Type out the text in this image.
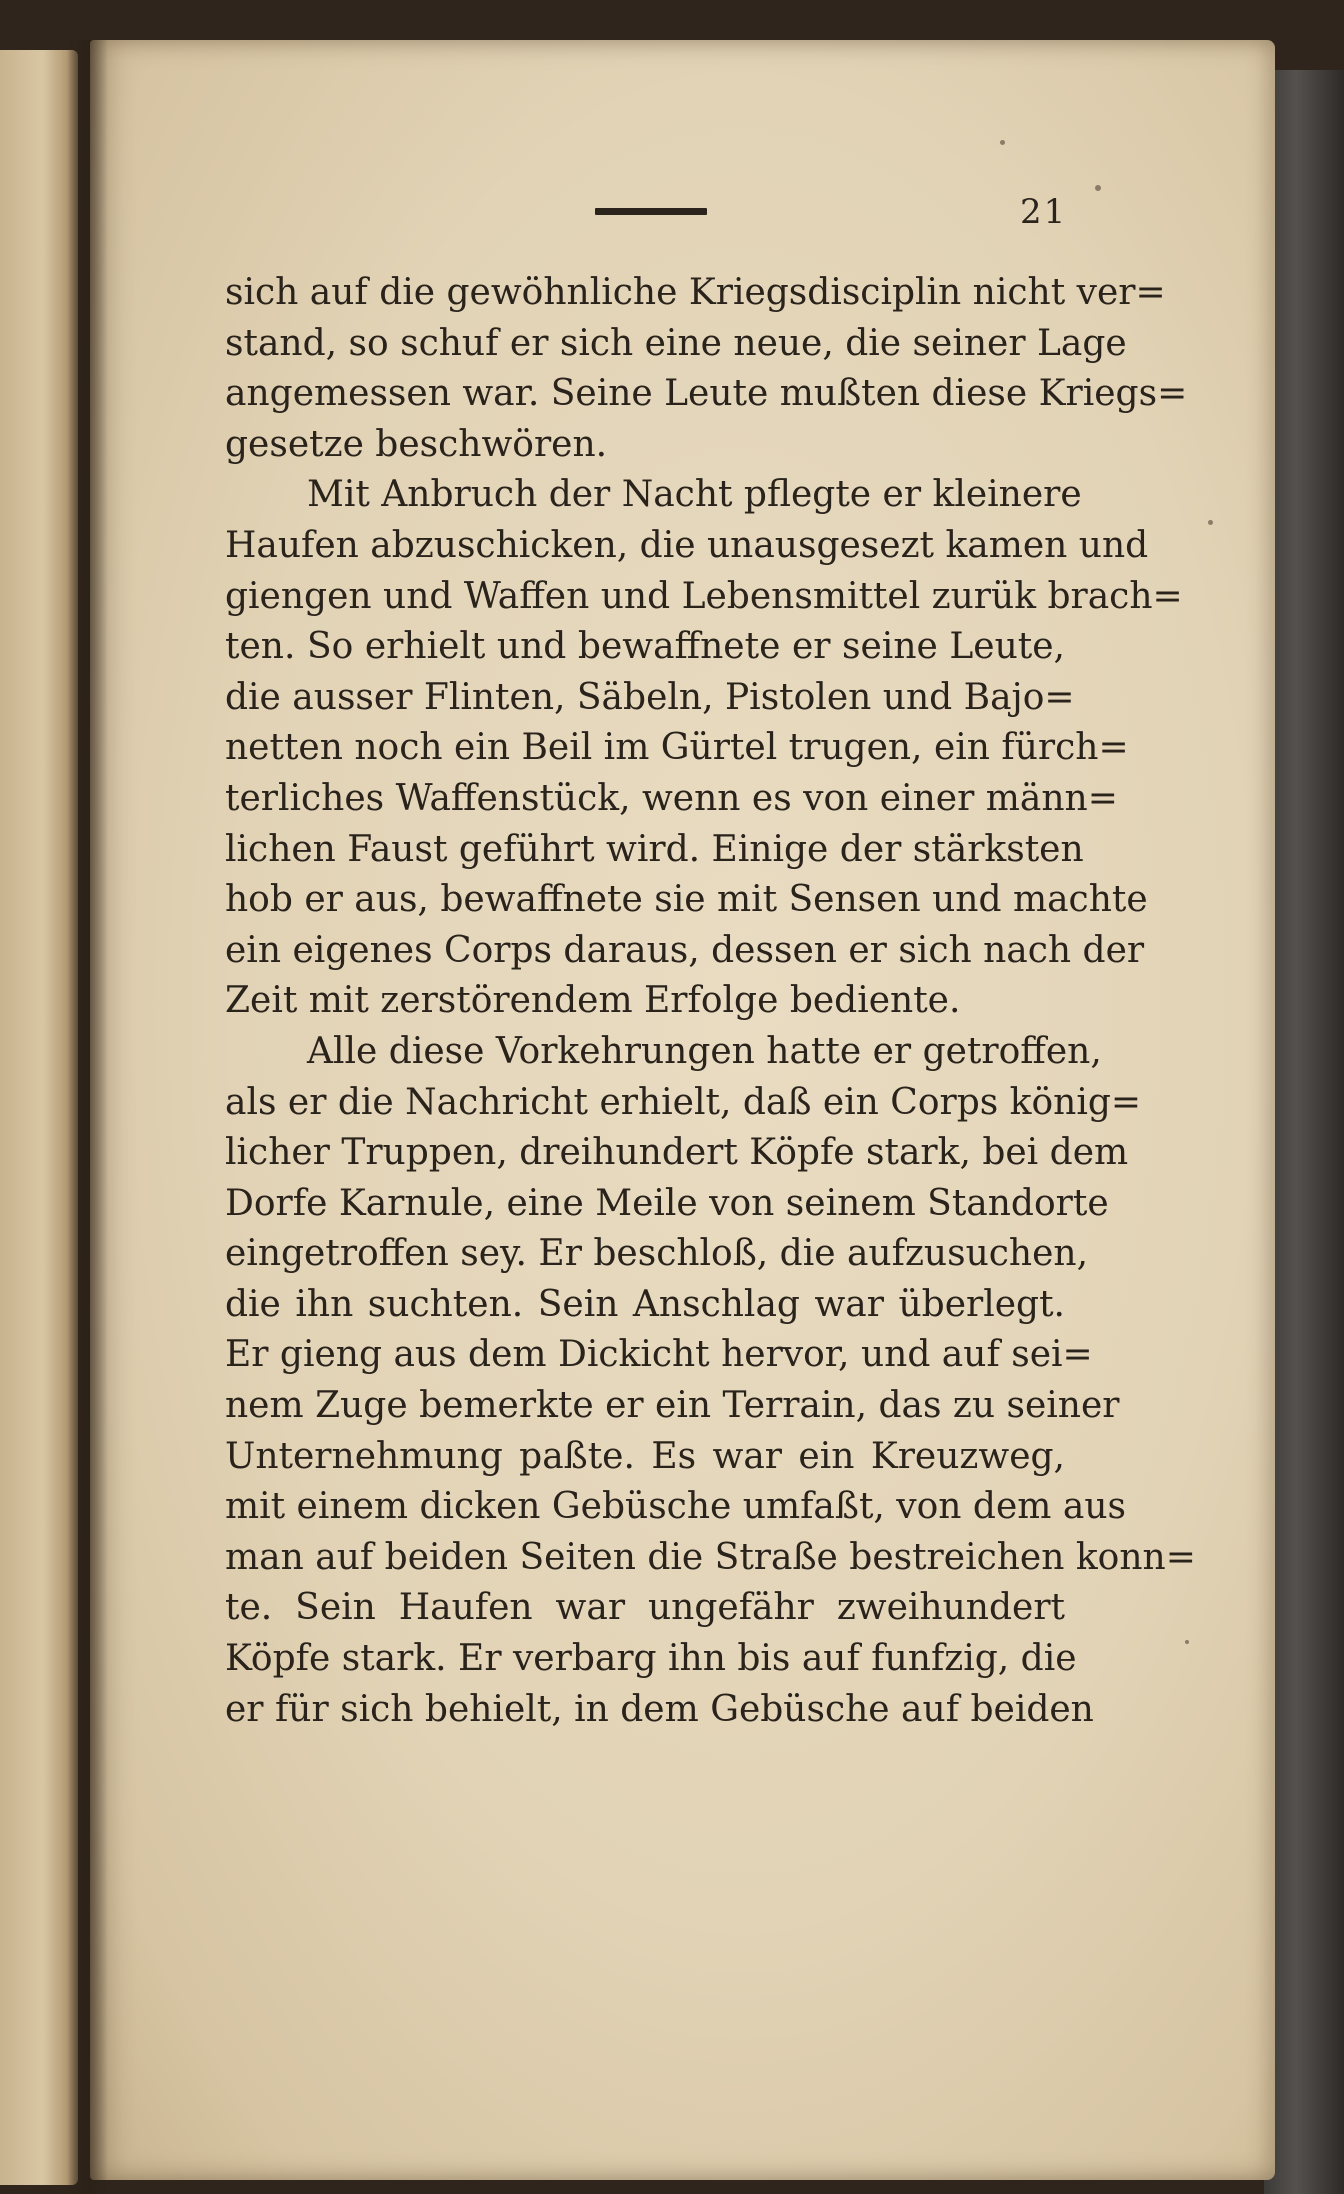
21
sich auf die gewöhnliche Kriegsdisciplin nicht ver=
stand, so schuf er sich eine neue, die seiner Lage
angemessen war. Seine Leute mußten diese Kriegs=
gesetze beschwören.
Mit Anbruch der Nacht pflegte er kleinere
Haufen abzuschicken, die unausgesezt kamen und
giengen und Waffen und Lebensmittel zurük brach=
ten. So erhielt und bewaffnete er seine Leute,
die ausser Flinten, Säbeln, Pistolen und Bajo=
netten noch ein Beil im Gürtel trugen, ein fürch=
terliches Waffenstück, wenn es von einer männ=
lichen Faust geführt wird. Einige der stärksten
hob er aus, bewaffnete sie mit Sensen und machte
ein eigenes Corps daraus, dessen er sich nach der
Zeit mit zerstörendem Erfolge bediente.
Alle diese Vorkehrungen hatte er getroffen,
als er die Nachricht erhielt, daß ein Corps könig=
licher Truppen, dreihundert Köpfe stark, bei dem
Dorfe Karnule, eine Meile von seinem Standorte
eingetroffen sey. Er beschloß, die aufzusuchen,
die ihn suchten. Sein Anschlag war überlegt.
Er gieng aus dem Dickicht hervor, und auf sei=
nem Zuge bemerkte er ein Terrain, das zu seiner
Unternehmung paßte. Es war ein Kreuzweg,
mit einem dicken Gebüsche umfaßt, von dem aus
man auf beiden Seiten die Straße bestreichen konn=
te. Sein Haufen war ungefähr zweihundert
Köpfe stark. Er verbarg ihn bis auf funfzig, die
er für sich behielt, in dem Gebüsche auf beiden
